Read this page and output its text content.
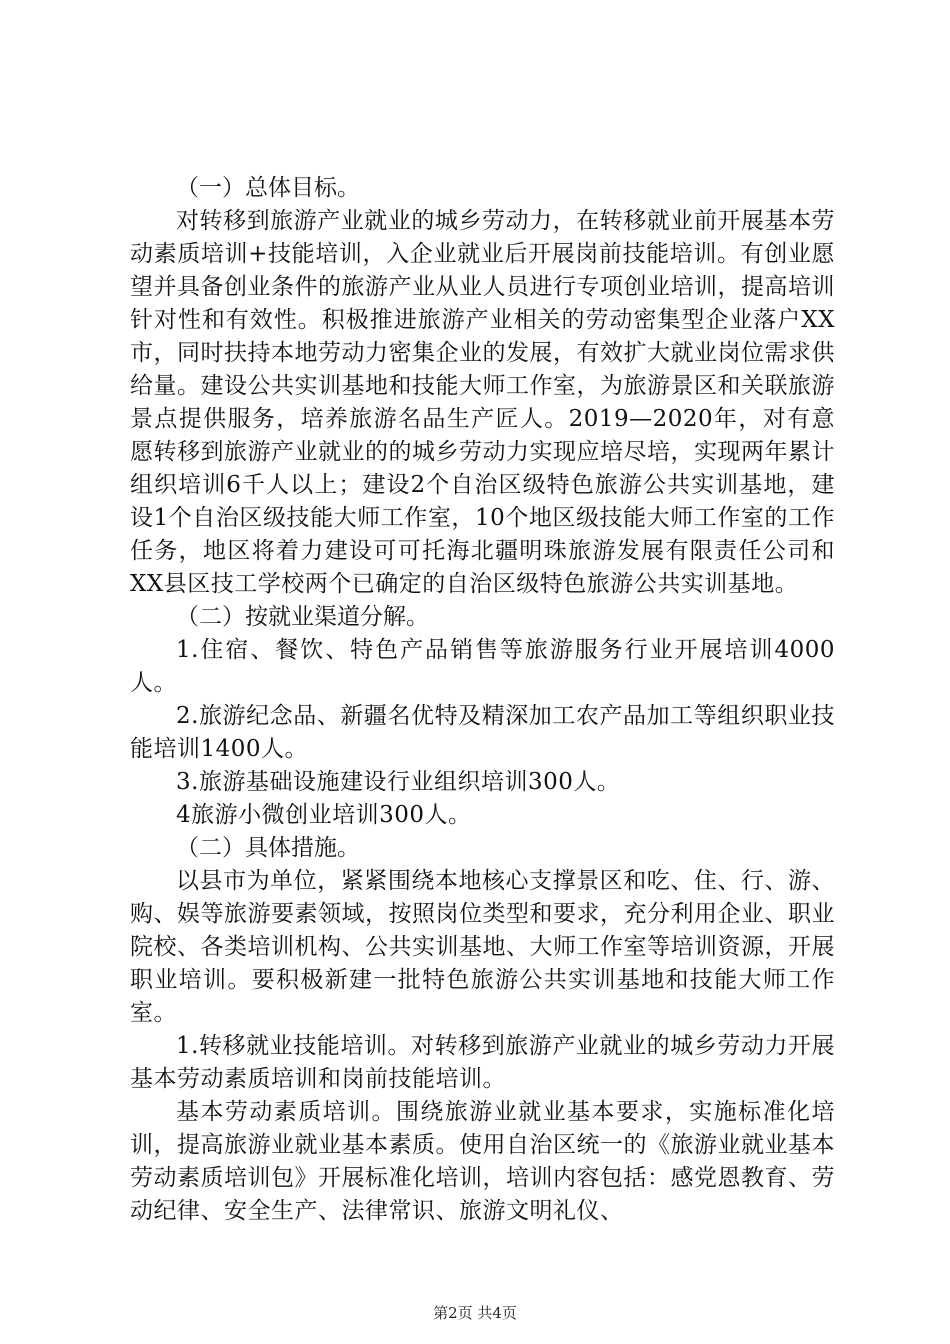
（一）总体目标。

对转移到旅游产业就业的城乡劳动力，在转移就业前开展基本劳动素质培训+技能培训，入企业就业后开展岗前技能培训。有创业愿望并具备创业条件的旅游产业从业人员进行专项创业培训，提高培训针对性和有效性。积极推进旅游产业相关的劳动密集型企业落户XX市，同时扶持本地劳动力密集企业的发展，有效扩大就业岗位需求供给量。建设公共实训基地和技能大师工作室，为旅游景区和关联旅游景点提供服务，培养旅游名品生产匠人。2019—2020年，对有意愿转移到旅游产业就业的的城乡劳动力实现应培尽培，实现两年累计组织培训6千人以上；建设2个自治区级特色旅游公共实训基地，建设1个自治区级技能大师工作室，10个地区级技能大师工作室的工作任务，地区将着力建设可可托海北疆明珠旅游发展有限责任公司和XX县区技工学校两个已确定的自治区级特色旅游公共实训基地。

（二）按就业渠道分解。

1.住宿、餐饮、特色产品销售等旅游服务行业开展培训4000人。

2.旅游纪念品、新疆名优特及精深加工农产品加工等组织职业技能培训1400人。

3.旅游基础设施建设行业组织培训300人。

4旅游小微创业培训300人。

（二）具体措施。

以县市为单位，紧紧围绕本地核心支撑景区和吃、住、行、游、购、娱等旅游要素领域，按照岗位类型和要求，充分利用企业、职业院校、各类培训机构、公共实训基地、大师工作室等培训资源，开展职业培训。要积极新建一批特色旅游公共实训基地和技能大师工作室。

1.转移就业技能培训。对转移到旅游产业就业的城乡劳动力开展基本劳动素质培训和岗前技能培训。

基本劳动素质培训。围绕旅游业就业基本要求，实施标准化培训，提高旅游业就业基本素质。使用自治区统一的《旅游业就业基本劳动素质培训包》开展标准化培训，培训内容包括：感党恩教育、劳动纪律、安全生产、法律常识、旅游文明礼仪、

第2页 共4页
